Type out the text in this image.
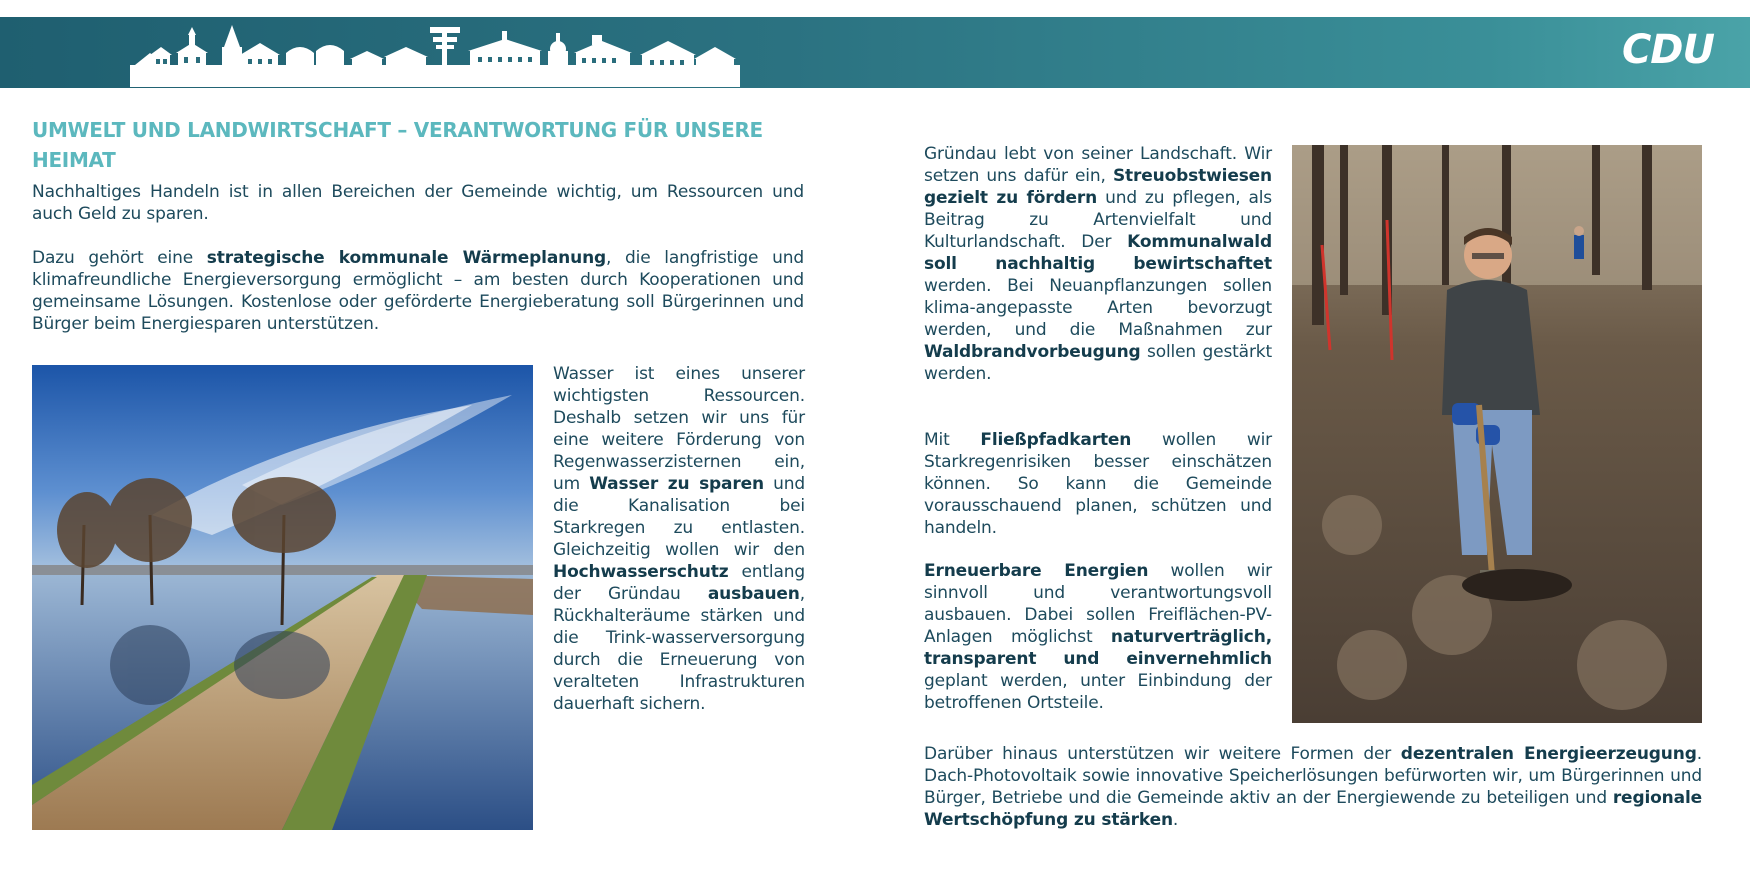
CDU
UMWELT UND LANDWIRTSCHAFT – VERANTWORTUNG FÜR UNSERE HEIMAT

Nachhaltiges Handeln ist in allen Bereichen der Gemeinde wichtig, um Ressourcen und auch Geld zu sparen.

Dazu gehört eine strategische kommunale Wärmeplanung, die langfristige und klimafreundliche Energieversorgung ermöglicht – am besten durch Kooperationen und gemeinsame Lösungen. Kostenlose oder geförderte Energieberatung soll Bürgerinnen und Bürger beim Energiesparen unterstützen.

Wasser ist eines unserer wichtigsten Ressourcen. Deshalb setzen wir uns für eine weitere Förderung von Regenwasserzisternen ein, um Wasser zu sparen und die Kanalisation bei Starkregen zu entlasten. Gleichzeitig wollen wir den Hochwasserschutz entlang der Gründau ausbauen, Rückhalteräume stärken und die Trink-wasserversorgung durch die Erneuerung von veralteten Infrastrukturen dauerhaft sichern.

Gründau lebt von seiner Landschaft. Wir setzen uns dafür ein, Streuobstwiesen gezielt zu fördern und zu pflegen, als Beitrag zu Artenvielfalt und Kulturlandschaft. Der Kommunalwald soll nachhaltig bewirtschaftet werden. Bei Neuanpflanzungen sollen klima-angepasste Arten bevorzugt werden, und die Maßnahmen zur Waldbrandvorbeugung sollen gestärkt werden.

Mit Fließpfadkarten wollen wir Starkregenrisiken besser einschätzen können. So kann die Gemeinde vorausschauend planen, schützen und handeln.

Erneuerbare Energien wollen wir sinnvoll und verantwortungsvoll ausbauen. Dabei sollen Freiflächen-PV-Anlagen möglichst naturverträglich, transparent und einvernehmlich geplant werden, unter Einbindung der betroffenen Ortsteile.

Darüber hinaus unterstützen wir weitere Formen der dezentralen Energieerzeugung. Dach-Photovoltaik sowie innovative Speicherlösungen befürworten wir, um Bürgerinnen und Bürger, Betriebe und die Gemeinde aktiv an der Energiewende zu beteiligen und regionale Wertschöpfung zu stärken.
